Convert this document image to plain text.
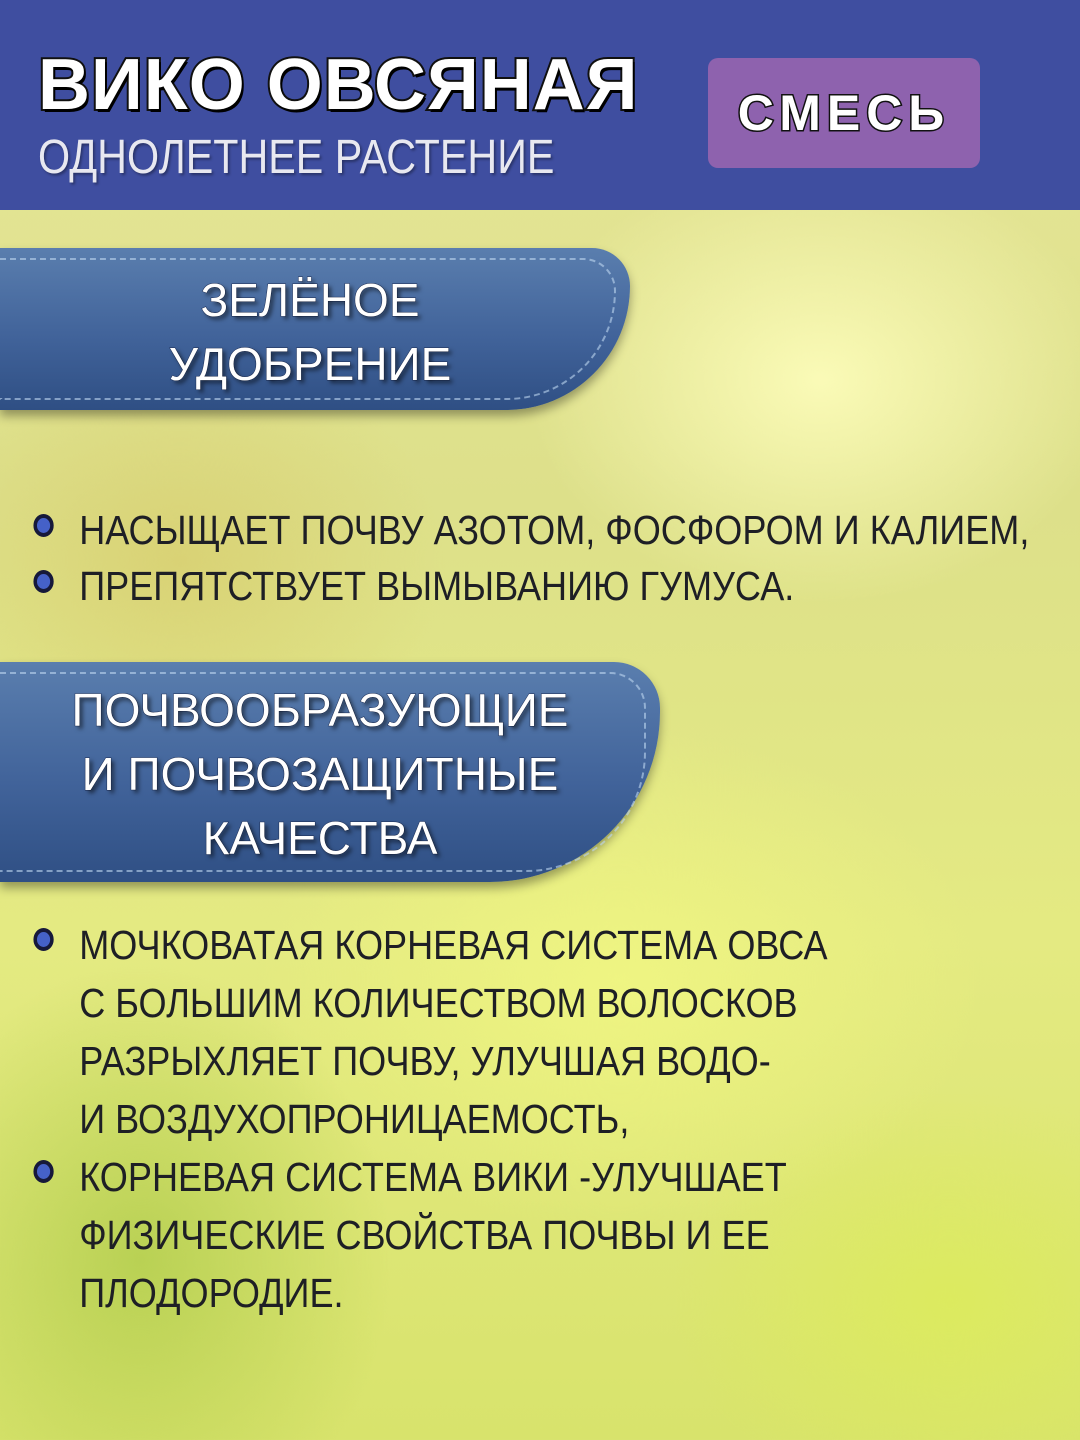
ВИКО ОВСЯНАЯ
ОДНОЛЕТНЕЕ РАСТЕНИЕ
СМЕСЬ
ЗЕЛЁНОЕ
УДОБРЕНИЕ
НАСЫЩАЕТ ПОЧВУ АЗОТОМ, ФОСФОРОМ И КАЛИЕМ,
ПРЕПЯТСТВУЕТ ВЫМЫВАНИЮ ГУМУСА.
ПОЧВООБРАЗУЮЩИЕ
И ПОЧВОЗАЩИТНЫЕ
КАЧЕСТВА
МОЧКОВАТАЯ КОРНЕВАЯ СИСТЕМА ОВСА
С БОЛЬШИМ КОЛИЧЕСТВОМ ВОЛОСКОВ
РАЗРЫХЛЯЕТ ПОЧВУ, УЛУЧШАЯ ВОДО-
И ВОЗДУХОПРОНИЦАЕМОСТЬ,
КОРНЕВАЯ СИСТЕМА ВИКИ -УЛУЧШАЕТ
ФИЗИЧЕСКИЕ СВОЙСТВА ПОЧВЫ И ЕЕ
ПЛОДОРОДИЕ.
